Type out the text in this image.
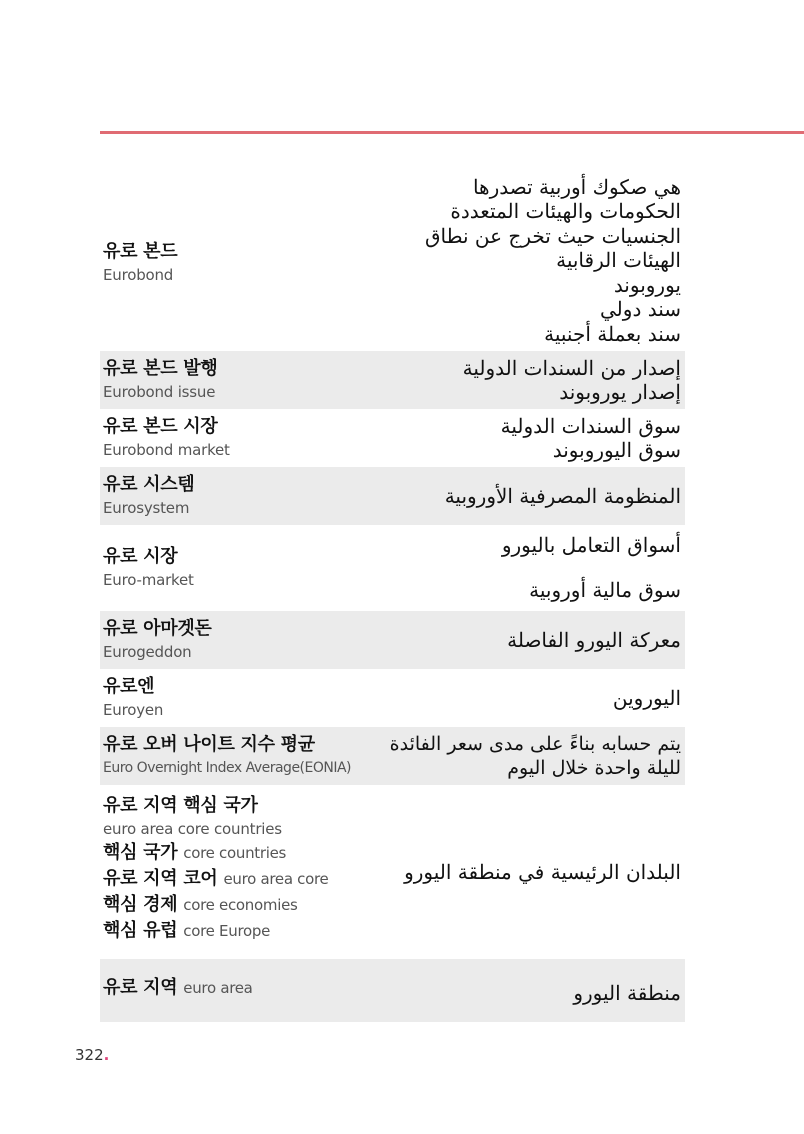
유로 본드
Eurobond
هي صكوك أوربية تصدرها
الحكومات والهيئات المتعددة
الجنسيات حيث تخرج عن نطاق
الهيئات الرقابية
يوروبوند
سند دولي
سند بعملة أجنبية
유로 본드 발행
Eurobond issue
إصدار من السندات الدولية
إصدار يوروبوند
유로 본드 시장
Eurobond market
سوق السندات الدولية
سوق اليوروبوند
유로 시스템
Eurosystem
المنظومة المصرفية الأوروبية
유로 시장
Euro-market
أسواق التعامل باليورو
سوق مالية أوروبية
유로 아마겟돈
Eurogeddon
معركة اليورو الفاصلة
유로엔
Euroyen
اليوروين
유로 오버 나이트 지수 평균
Euro Overnight Index Average(EONIA)
يتم حسابه بناءً على مدى سعر الفائدة
لليلة واحدة خلال اليوم
유로 지역 핵심 국가
euro area core countries
핵심 국가 core countries
유로 지역 코어 euro area core
핵심 경제 core economies
핵심 유럽 core Europe
البلدان الرئيسية في منطقة اليورو
유로 지역 euro area	منطقة اليورو
322.
